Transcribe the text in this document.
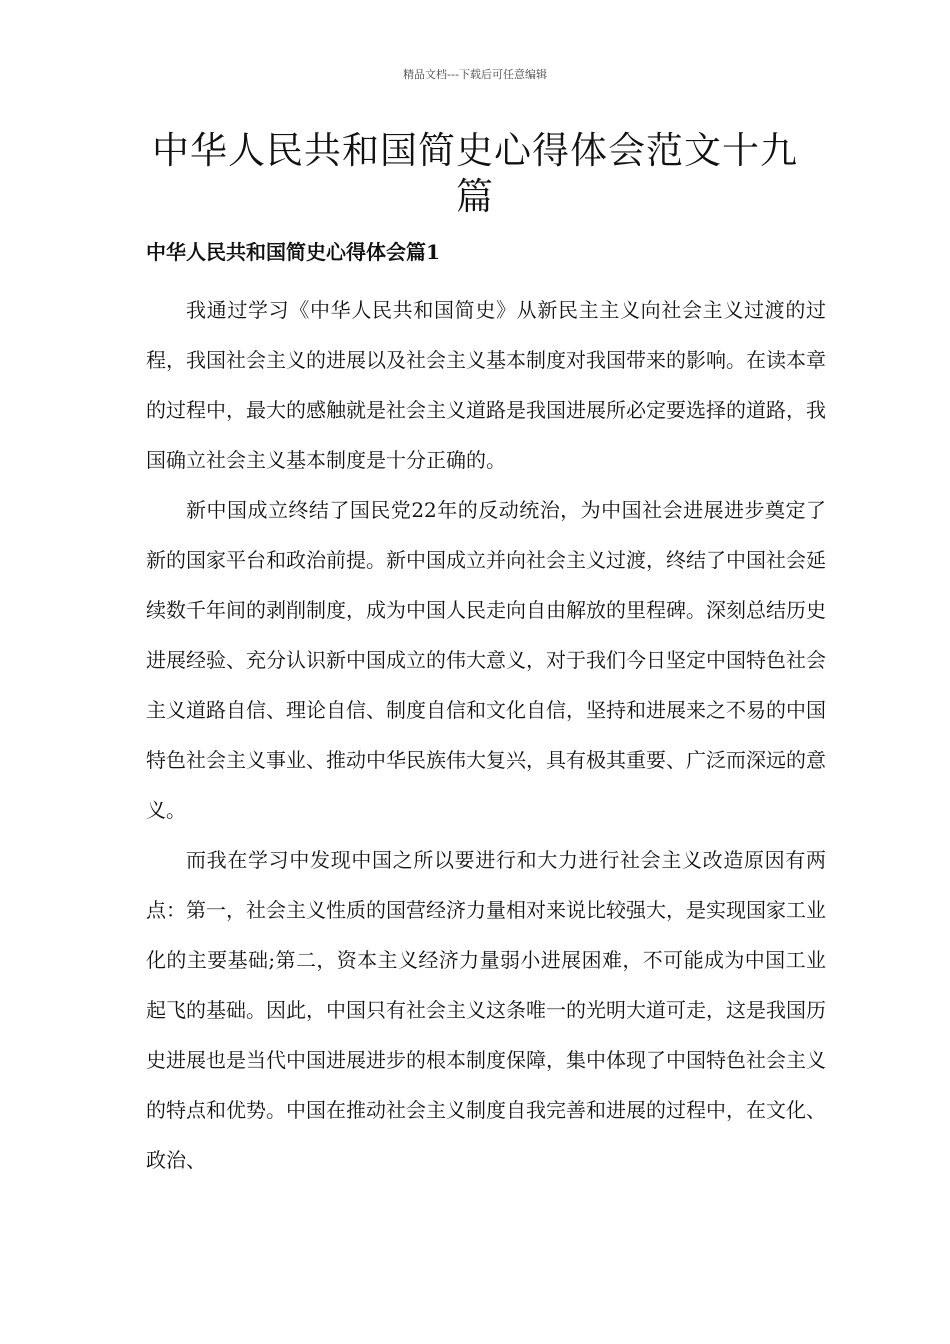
精品文档---下载后可任意编辑
中华人民共和国简史心得体会范文十九篇
中华人民共和国简史心得体会篇1

我通过学习《中华人民共和国简史》从新民主主义向社会主义过渡的过程，我国社会主义的进展以及社会主义基本制度对我国带来的影响。在读本章的过程中，最大的感触就是社会主义道路是我国进展所必定要选择的道路，我国确立社会主义基本制度是十分正确的。

新中国成立终结了国民党22年的反动统治，为中国社会进展进步奠定了新的国家平台和政治前提。新中国成立并向社会主义过渡，终结了中国社会延续数千年间的剥削制度，成为中国人民走向自由解放的里程碑。深刻总结历史进展经验、充分认识新中国成立的伟大意义，对于我们今日坚定中国特色社会主义道路自信、理论自信、制度自信和文化自信，坚持和进展来之不易的中国特色社会主义事业、推动中华民族伟大复兴，具有极其重要、广泛而深远的意义。

而我在学习中发现中国之所以要进行和大力进行社会主义改造原因有两点：第一，社会主义性质的国营经济力量相对来说比较强大，是实现国家工业化的主要基础;第二，资本主义经济力量弱小进展困难，不可能成为中国工业起飞的基础。因此，中国只有社会主义这条唯一的光明大道可走，这是我国历史进展也是当代中国进展进步的根本制度保障，集中体现了中国特色社会主义的特点和优势。中国在推动社会主义制度自我完善和进展的过程中，在文化、政治、
